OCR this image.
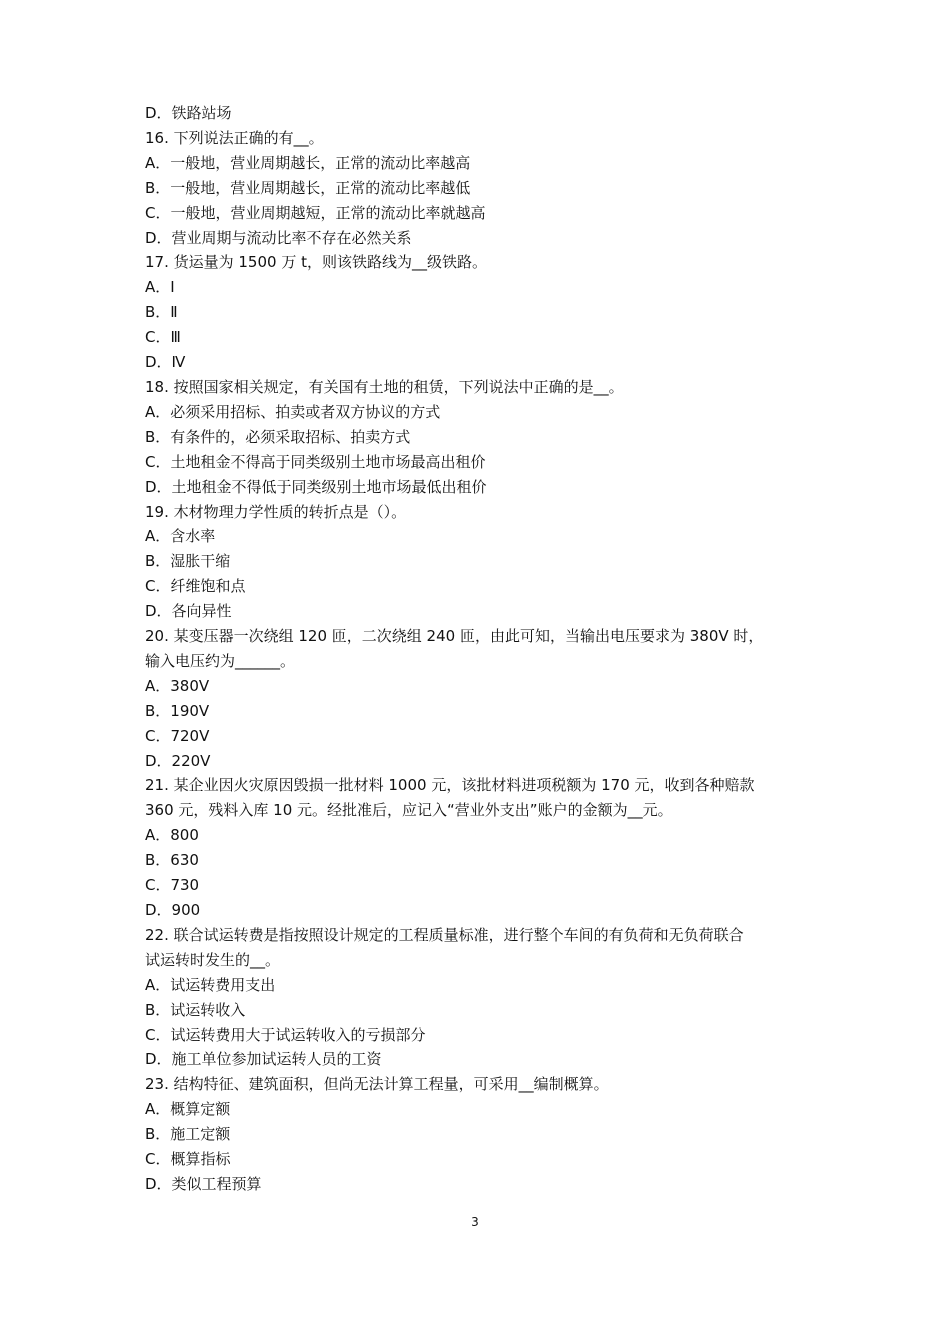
D．铁路站场

16. 下列说法正确的有__。

A．一般地，营业周期越长，正常的流动比率越高

B．一般地，营业周期越长，正常的流动比率越低

C．一般地，营业周期越短，正常的流动比率就越高

D．营业周期与流动比率不存在必然关系

17. 货运量为 1500 万 t，则该铁路线为__级铁路。

A．Ⅰ

B．Ⅱ

C．Ⅲ

D．Ⅳ

18. 按照国家相关规定，有关国有土地的租赁，下列说法中正确的是__。

A．必须采用招标、拍卖或者双方协议的方式

B．有条件的，必须采取招标、拍卖方式

C．土地租金不得高于同类级别土地市场最高出租价

D．土地租金不得低于同类级别土地市场最低出租价

19. 木材物理力学性质的转折点是（）。

A．含水率

B．湿胀干缩

C．纤维饱和点

D．各向异性

20. 某变压器一次绕组 120 匝，二次绕组 240 匝，由此可知，当输出电压要求为 380V 时，

输入电压约为______。

A．380V

B．190V

C．720V

D．220V

21. 某企业因火灾原因毁损一批材料 1000 元，该批材料进项税额为 170 元，收到各种赔款

360 元，残料入库 10 元。经批准后，应记入“营业外支出”账户的金额为__元。

A．800

B．630

C．730

D．900

22. 联合试运转费是指按照设计规定的工程质量标准，进行整个车间的有负荷和无负荷联合

试运转时发生的__。

A．试运转费用支出

B．试运转收入

C．试运转费用大于试运转收入的亏损部分

D．施工单位参加试运转人员的工资

23. 结构特征、建筑面积，但尚无法计算工程量，可采用__编制概算。

A．概算定额

B．施工定额

C．概算指标

D．类似工程预算

3
